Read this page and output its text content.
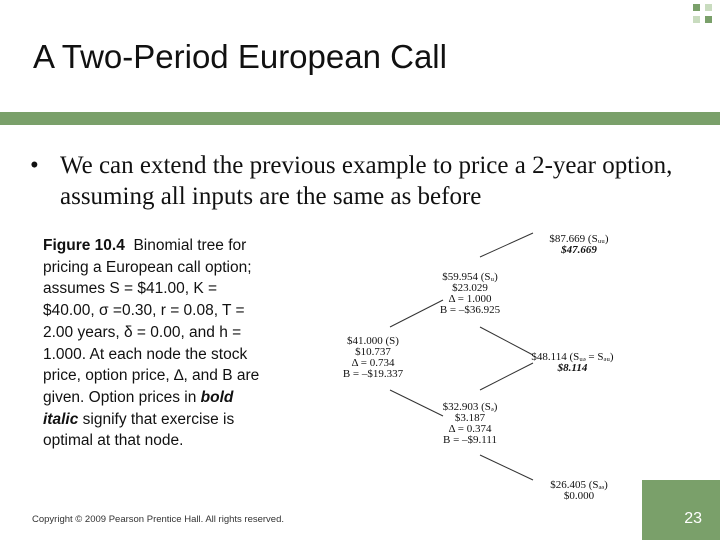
A Two-Period European Call
• We can extend the previous example to price a 2-year option, assuming all inputs are the same as before
Figure 10.4 Binomial tree for pricing a European call option; assumes S = $41.00, K = $40.00, σ =0.30, r = 0.08, T = 2.00 years, δ = 0.00, and h = 1.000. At each node the stock price, option price, ∆, and B are given. Option prices in bold italic signify that exercise is optimal at that node.
$41.000 (S)
$10.737
Δ = 0.734
B = –$19.337
$59.954 (Sᵤ)
$23.029
Δ = 1.000
B = –$36.925
$32.903 (Sₔ)
$3.187
Δ = 0.374
B = –$9.111
$87.669 (Sᵤᵤ)
$47.669
$48.114 (Sᵤₔ = Sₔᵤ)
$8.114
$26.405 (Sₔₔ)
$0.000
Copyright © 2009 Pearson Prentice Hall. All rights reserved.	23
